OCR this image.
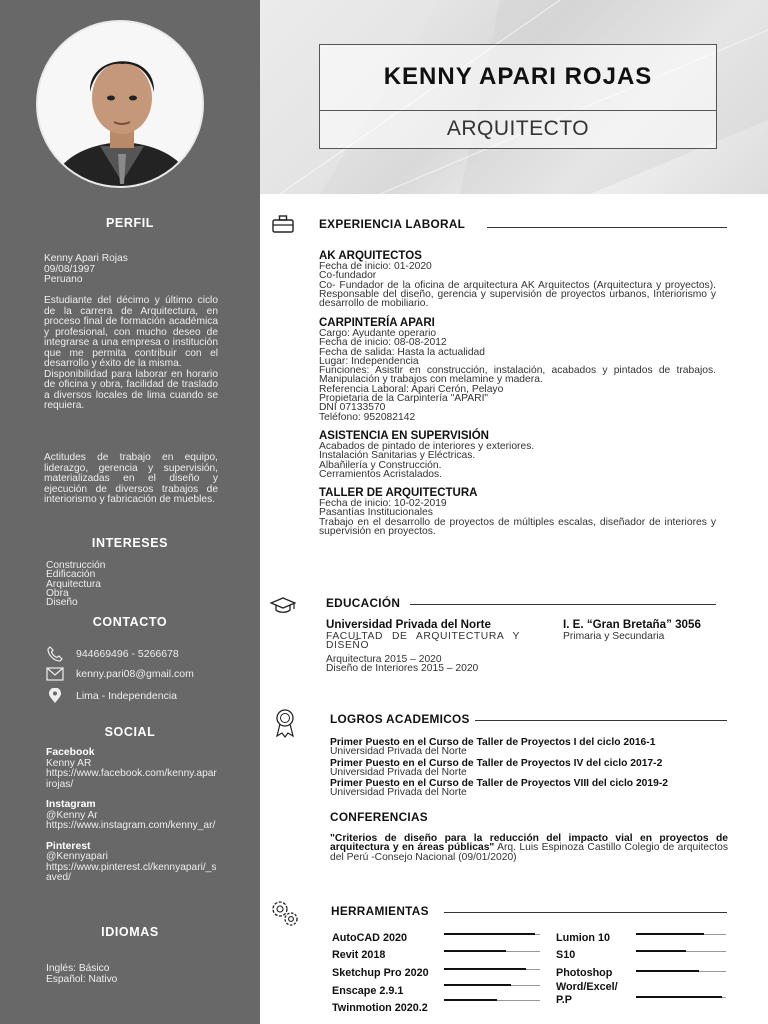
PERFIL

Kenny Apari Rojas

09/08/1997

Peruano

Estudiante del décimo y último ciclo de la carrera de Arquitectura, en proceso final de formación académica y profesional, con mucho deseo de integrarse a una empresa o institución que me permita contribuir con el desarrollo y éxito de la misma.

Disponibilidad para laborar en horario de oficina y obra, facilidad de traslado a diversos locales de lima cuando se requiera.

Actitudes de trabajo en equipo, liderazgo, gerencia y supervisión, materializadas en el diseño y ejecución de diversos trabajos de interiorismo y fabricación de muebles.
INTERESES

Construcción

Edificación

Arquitectura

Obra

Diseño

CONTACTO
944669496 - 5266678
kenny.pari08@gmail.com
Lima - Independencia
SOCIAL

Facebook

Kenny AR

https://www.facebook.com/kenny.aparirojas/

Instagram

@Kenny Ar

https://www.instagram.com/kenny_ar/

Pinterest

@Kennyapari

https://www.pinterest.cl/kennyapari/_saved/

IDIOMAS

Inglés: Básico

Español: Nativo

KENNY APARI ROJAS
ARQUITECTO
EXPERIENCIA LABORAL
AK ARQUITECTOS
Fecha de inicio: 01-2020
Co-fundador
Co- Fundador de la oficina de arquitectura AK Arquitectos (Arquitectura y proyectos). Responsable del diseño, gerencia y supervisión de proyectos urbanos, Interiorismo y desarrollo de mobiliario.
CARPINTERÍA APARI
Cargo: Ayudante operario
Fecha de inicio: 08-08-2012
Fecha de salida: Hasta la actualidad
Lugar: Independencia
Funciones: Asistir en construcción, instalación, acabados y pintados de trabajos. Manipulación y trabajos con melamine y madera.
Referencia Laboral: Apari Cerón, Pelayo
Propietaria de la Carpintería "APARI"
DNI 07133570
Teléfono: 952082142
ASISTENCIA EN SUPERVISIÓN
Acabados de pintado de interiores y exteriores.
Instalación Sanitarias y Eléctricas.
Albañilería y Construcción.
Cerramientos Acristalados.
TALLER DE ARQUITECTURA
Fecha de inicio: 10-02-2019
Pasantías Institucionales
Trabajo en el desarrollo de proyectos de múltiples escalas, diseñador de interiores y supervisión en proyectos.
EDUCACIÓN
Universidad Privada del Norte
FACULTAD DE ARQUITECTURA Y DISEÑO
Arquitectura 2015 – 2020
Diseño de Interiores 2015 – 2020
I. E. “Gran Bretaña” 3056
Primaria y Secundaria
LOGROS ACADEMICOS
Primer Puesto en el Curso de Taller de Proyectos I del ciclo 2016-1
Universidad Privada del Norte
Primer Puesto en el Curso de Taller de Proyectos IV del ciclo 2017-2
Universidad Privada del Norte
Primer Puesto en el Curso de Taller de Proyectos VIII del ciclo 2019-2
Universidad Privada del Norte
CONFERENCIAS
"Criterios de diseño para la reducción del impacto vial en proyectos de arquitectura y en áreas públicas" Arq. Luis Espinoza Castillo Colegio de arquitectos del Perú -Consejo Nacional (09/01/2020)
HERRAMIENTAS
AutoCAD 2020
Revit 2018
Sketchup Pro 2020
Enscape 2.9.1
Twinmotion 2020.2
Lumion 10
S10
Photoshop Word/Excel/ P.P
